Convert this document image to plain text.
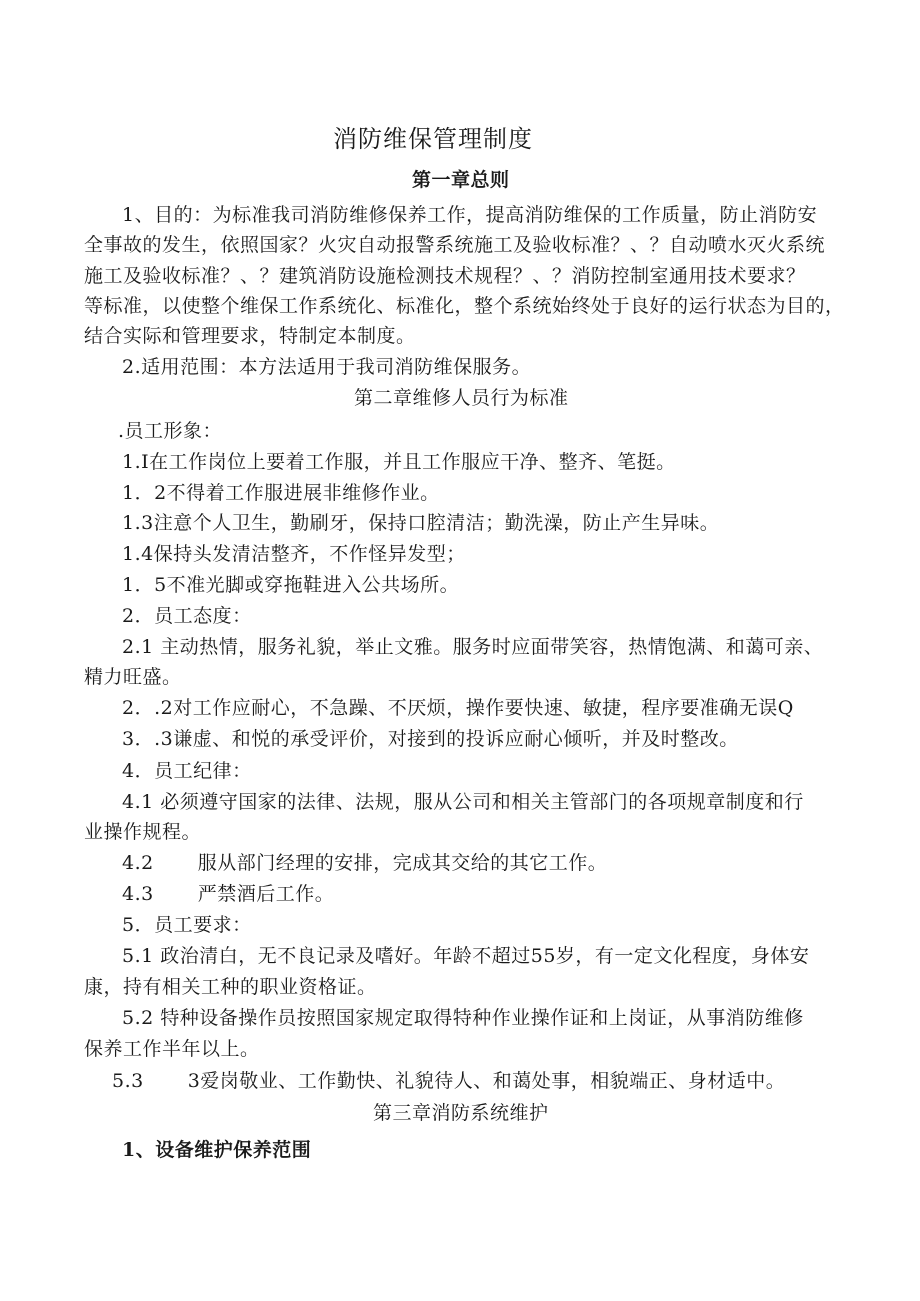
消防维保管理制度
第一章总则
1、目的：为标准我司消防维修保养工作，提高消防维保的工作质量，防止消防安
全事故的发生，依照国家？火灾自动报警系统施工及验收标准？、？自动喷水灭火系统
施工及验收标准？、？建筑消防设施检测技术规程？、？消防控制室通用技术要求？
等标准，以使整个维保工作系统化、标准化，整个系统始终处于良好的运行状态为目的，
结合实际和管理要求，特制定本制度。
2.适用范围：本方法适用于我司消防维保服务。
第二章维修人员行为标准
.员工形象：
1.I在工作岗位上要着工作服，并且工作服应干净、整齐、笔挺。
1．2不得着工作服进展非维修作业。
1.3注意个人卫生，勤刷牙，保持口腔清洁；勤洗澡，防止产生异味。
1.4保持头发清洁整齐，不作怪异发型；
1．5不准光脚或穿拖鞋进入公共场所。
2．员工态度：
2.1 主动热情，服务礼貌，举止文雅。服务时应面带笑容，热情饱满、和蔼可亲、
精力旺盛。
2．.2对工作应耐心，不急躁、不厌烦，操作要快速、敏捷，程序要准确无误Q
3．.3谦虚、和悦的承受评价，对接到的投诉应耐心倾听，并及时整改。
4．员工纪律：
4.1 必须遵守国家的法律、法规，服从公司和相关主管部门的各项规章制度和行
业操作规程。
4.2 服从部门经理的安排，完成其交给的其它工作。
4.3 严禁酒后工作。
5．员工要求：
5.1 政治清白，无不良记录及嗜好。年龄不超过55岁，有一定文化程度，身体安
康，持有相关工种的职业资格证。
5.2 特种设备操作员按照国家规定取得特种作业操作证和上岗证，从事消防维修
保养工作半年以上。
5.3 3爱岗敬业、工作勤快、礼貌待人、和蔼处事，相貌端正、身材适中。
第三章消防系统维护
1、设备维护保养范围
